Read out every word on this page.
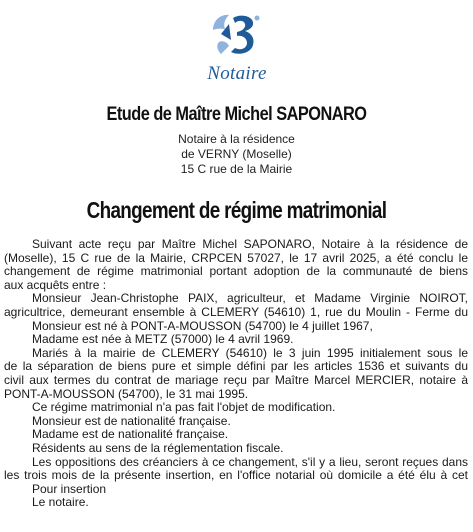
Notaire
Etude de Maître Michel SAPONARO
Notaire à la résidence
de VERNY (Moselle)
15 C rue de la Mairie
Changement de régime matrimonial
Suivant acte reçu par Maître Michel SAPONARO, Notaire à la résidence de
(Moselle), 15 C rue de la Mairie, CRPCEN 57027, le 17 avril 2025, a été conclu le
changement de régime matrimonial portant adoption de la communauté de biens
aux acquêts entre :
Monsieur Jean-Christophe PAIX, agriculteur, et Madame Virginie NOIROT,
agricultrice, demeurant ensemble à CLEMERY (54610) 1, rue du Moulin - Ferme du
Monsieur est né à PONT-A-MOUSSON (54700) le 4 juillet 1967,
Madame est née à METZ (57000) le 4 avril 1969.
Mariés à la mairie de CLEMERY (54610) le 3 juin 1995 initialement sous le
de la séparation de biens pure et simple défini par les articles 1536 et suivants du
civil aux termes du contrat de mariage reçu par Maître Marcel MERCIER, notaire à
PONT-A-MOUSSON (54700), le 31 mai 1995.
Ce régime matrimonial n'a pas fait l'objet de modification.
Monsieur est de nationalité française.
Madame est de nationalité française.
Résidents au sens de la réglementation fiscale.
Les oppositions des créanciers à ce changement, s'il y a lieu, seront reçues dans
les trois mois de la présente insertion, en l'office notarial où domicile a été élu à cet
Pour insertion
Le notaire.
